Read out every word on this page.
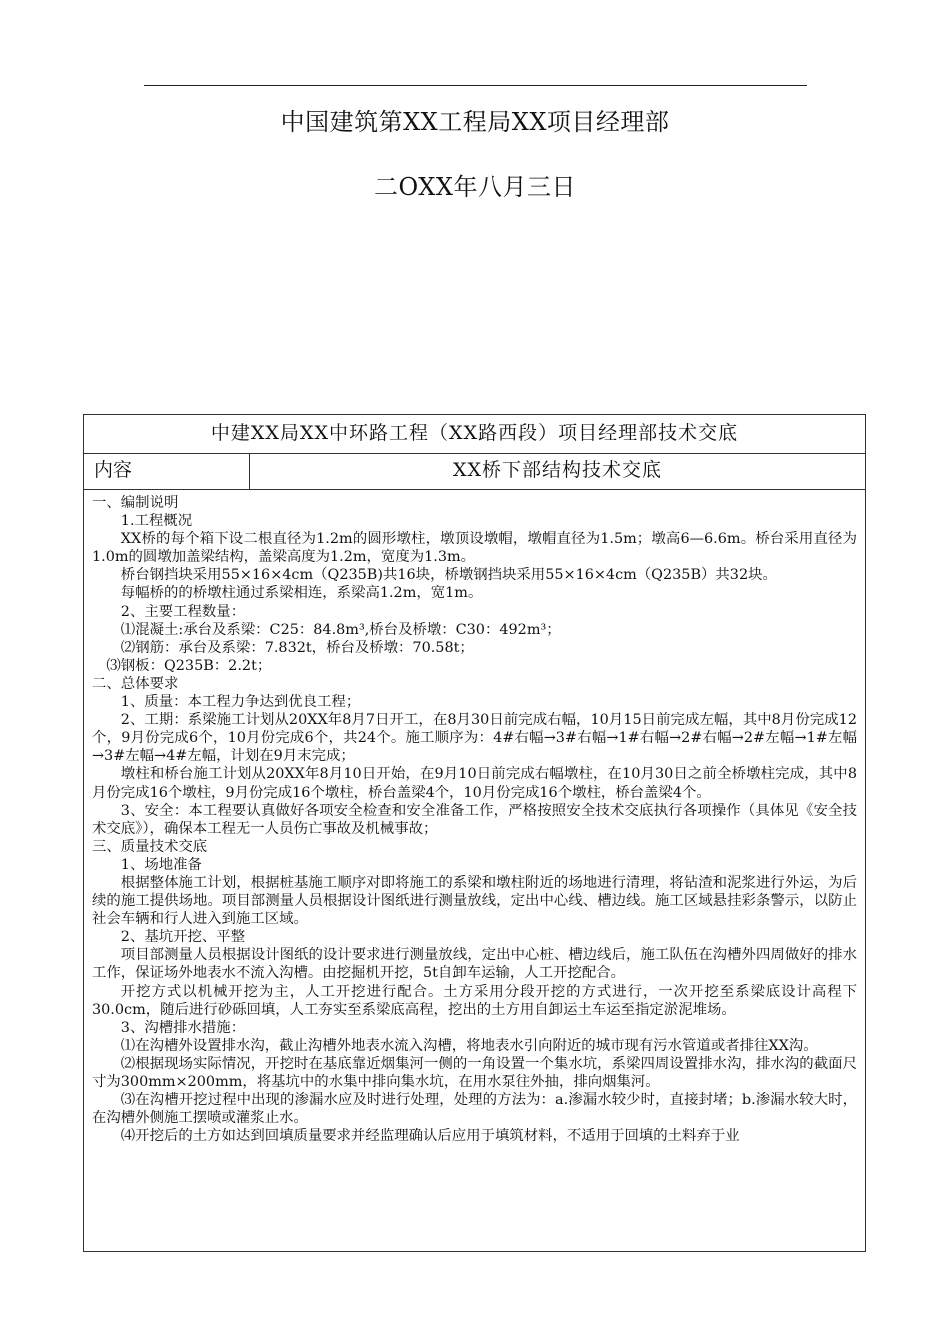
中国建筑第XX工程局XX项目经理部
二OXX年八月三日
中建XX局XX中环路工程（XX路西段）项目经理部技术交底
内容	XX桥下部结构技术交底

一、编制说明

1.工程概况

XX桥的每个箱下设二根直径为1.2m的圆形墩柱，墩顶设墩帽，墩帽直径为1.5m；墩高6—6.6m。桥台采用直径为1.0m的圆墩加盖梁结构，盖梁高度为1.2m，宽度为1.3m。

桥台钢挡块采用55×16×4cm（Q235B)共16块，桥墩钢挡块采用55×16×4cm（Q235B）共32块。

每幅桥的的桥墩柱通过系梁相连，系梁高1.2m，宽1m。

2、主要工程数量：

⑴混凝土:承台及系梁：C25：84.8m³,桥台及桥墩：C30：492m³；

⑵钢筋：承台及系梁：7.832t，桥台及桥墩：70.58t；

⑶钢板：Q235B：2.2t；

二、总体要求

1、质量：本工程力争达到优良工程；

2、工期：系梁施工计划从20XX年8月7日开工，在8月30日前完成右幅，10月15日前完成左幅，其中8月份完成12个，9月份完成6个，10月份完成6个，共24个。施工顺序为：4#右幅→3#右幅→1#右幅→2#右幅→2#左幅→1#左幅→3#左幅→4#左幅，计划在9月末完成；

墩柱和桥台施工计划从20XX年8月10日开始，在9月10日前完成右幅墩柱，在10月30日之前全桥墩柱完成，其中8月份完成16个墩柱，9月份完成16个墩柱，桥台盖梁4个，10月份完成16个墩柱，桥台盖梁4个。

3、安全：本工程要认真做好各项安全检查和安全准备工作，严格按照安全技术交底执行各项操作（具体见《安全技术交底》），确保本工程无一人员伤亡事故及机械事故；

三、质量技术交底

1、场地准备

根据整体施工计划，根据桩基施工顺序对即将施工的系梁和墩柱附近的场地进行清理，将钻渣和泥浆进行外运，为后续的施工提供场地。项目部测量人员根据设计图纸进行测量放线，定出中心线、槽边线。施工区域悬挂彩条警示，以防止社会车辆和行人进入到施工区域。

2、基坑开挖、平整

项目部测量人员根据设计图纸的设计要求进行测量放线，定出中心桩、槽边线后，施工队伍在沟槽外四周做好的排水工作，保证场外地表水不流入沟槽。由挖掘机开挖，5t自卸车运输，人工开挖配合。

开挖方式以机械开挖为主，人工开挖进行配合。土方采用分段开挖的方式进行，一次开挖至系梁底设计高程下30.0cm，随后进行砂砾回填，人工夯实至系梁底高程，挖出的土方用自卸运土车运至指定淤泥堆场。

3、沟槽排水措施：

⑴在沟槽外设置排水沟，截止沟槽外地表水流入沟槽，将地表水引向附近的城市现有污水管道或者排往XX沟。

⑵根据现场实际情况，开挖时在基底靠近烟集河一侧的一角设置一个集水坑，系梁四周设置排水沟，排水沟的截面尺寸为300mm×200mm，将基坑中的水集中排向集水坑，在用水泵往外抽，排向烟集河。

⑶在沟槽开挖过程中出现的渗漏水应及时进行处理，处理的方法为：a.渗漏水较少时，直接封堵；b.渗漏水较大时，在沟槽外侧施工摆喷或灌浆止水。

⑷开挖后的土方如达到回填质量要求并经监理确认后应用于填筑材料，不适用于回填的土料弃于业
